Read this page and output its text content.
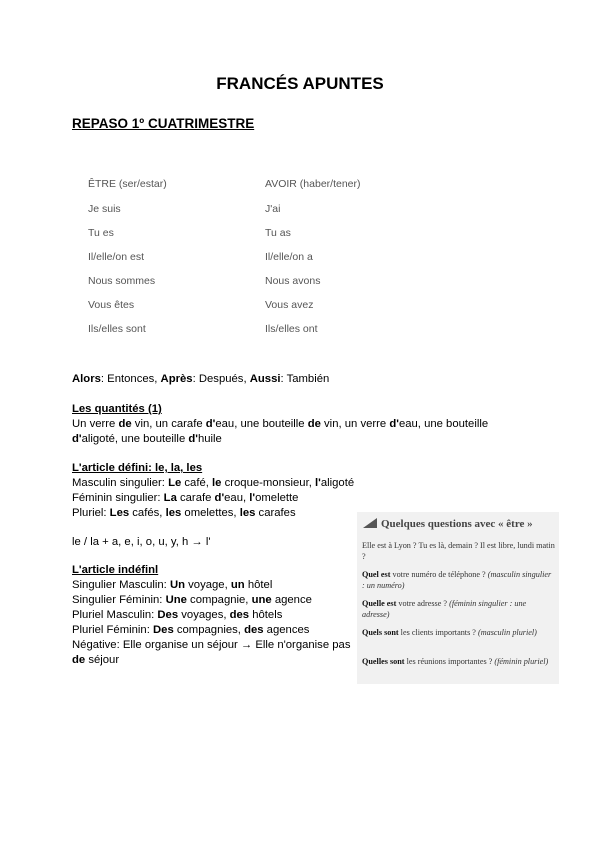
FRANCÉS APUNTES
REPASO 1º CUATRIMESTRE
ÊTRE (ser/estar)	AVOIR (haber/tener)
Je suis
Tu es
Il/elle/on est
Nous sommes
Vous êtes
Ils/elles sont
J'ai
Tu as
Il/elle/on a
Nous avons
Vous avez
Ils/elles ont
Alors: Entonces, Après: Después, Aussi: También
Les quantités (1)
Un verre de vin, un carafe d'eau, une bouteille de vin, un verre d'eau, une bouteille
d'aligoté, une bouteille d'huile
L'article défini: le, la, les
Masculin singulier: Le café, le croque-monsieur, l'aligoté
Féminin singulier: La carafe d'eau, l'omelette
Pluriel: Les cafés, les omelettes, les carafes
le / la + a, e, i, o, u, y, h → l'
L'article indéfinl
Singulier Masculin: Un voyage, un hôtel
Singulier Féminin: Une compagnie, une agence
Pluriel Masculin: Des voyages, des hôtels
Pluriel Féminin: Des compagnies, des agences
Négative: Elle organise un séjour → Elle n'organise pas
de séjour
Quelques questions avec « être »

Elle est à Lyon ? Tu es là, demain ? Il est libre, lundi matin ?

Quel est votre numéro de téléphone ? (masculin singulier : un numéro)

Quelle est votre adresse ? (féminin singulier : une adresse)

Quels sont les clients importants ? (masculin pluriel)

Quelles sont les réunions importantes ? (féminin pluriel)
